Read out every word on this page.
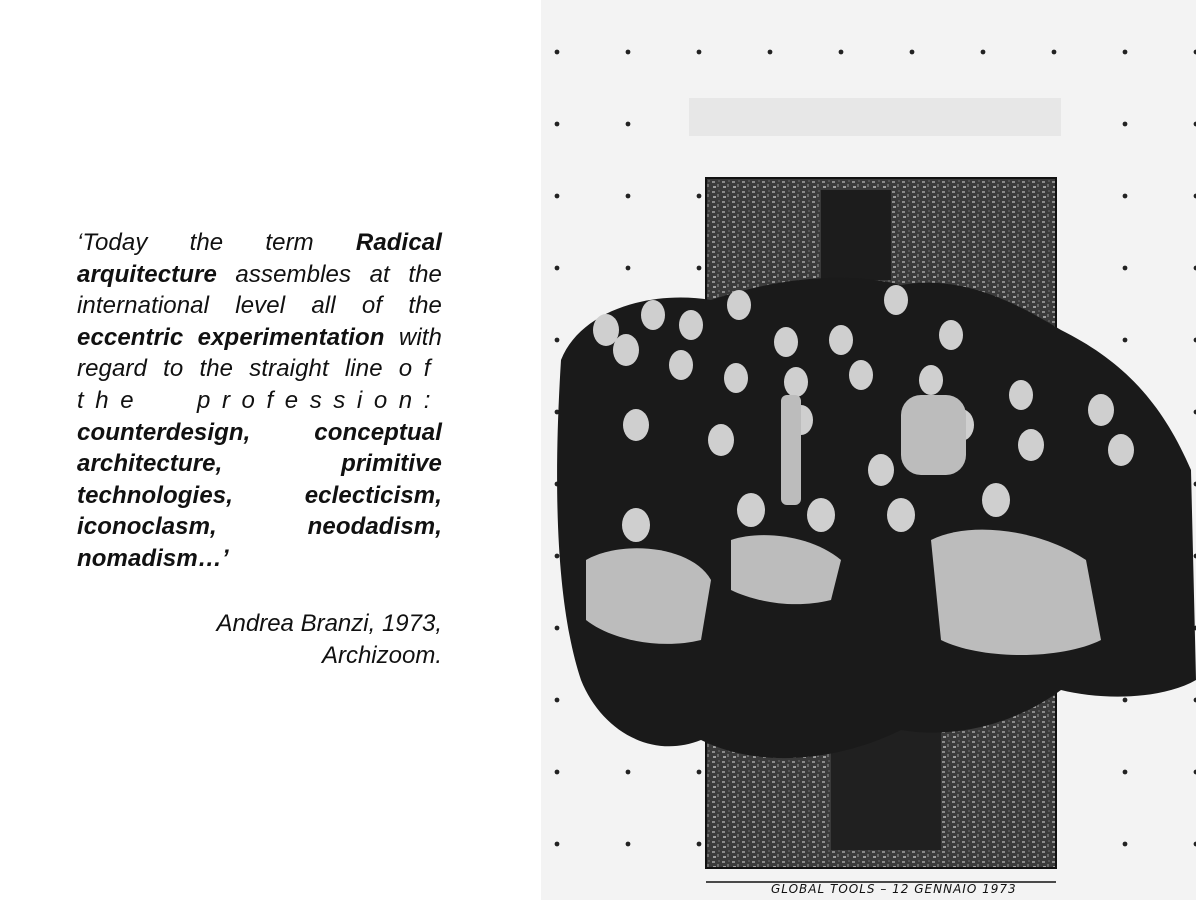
‘Today the term Radical arquitecture assembles at the international level all of the eccentric experimentation with regard to the straight line of the profession: counterdesign, conceptual architecture, primitive technologies, eclecticism, iconoclasm, neodadism, nomadism…’
Andrea Branzi, 1973,
Archizoom.
GLOBAL TOOLS – 12 GENNAIO 1973
